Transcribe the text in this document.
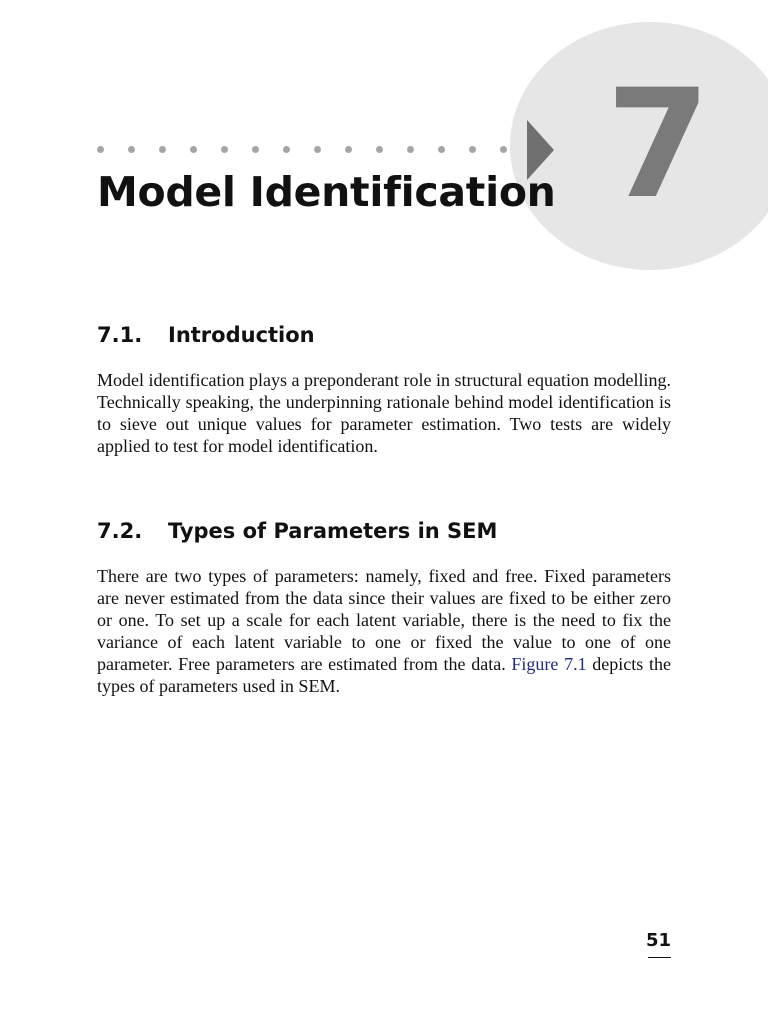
7
Model Identification
7.1. Introduction

Model identification plays a preponderant role in structural equation modelling. Technically speaking, the underpinning rationale behind model identification is to sieve out unique values for parameter estimation. Two tests are widely applied to test for model identification.

7.2. Types of Parameters in SEM

There are two types of parameters: namely, fixed and free. Fixed parameters are never estimated from the data since their values are fixed to be either zero or one. To set up a scale for each latent variable, there is the need to fix the variance of each latent variable to one or fixed the value to one of one parameter. Free parameters are estimated from the data. Figure 7.1 depicts the types of parameters used in SEM.

51
